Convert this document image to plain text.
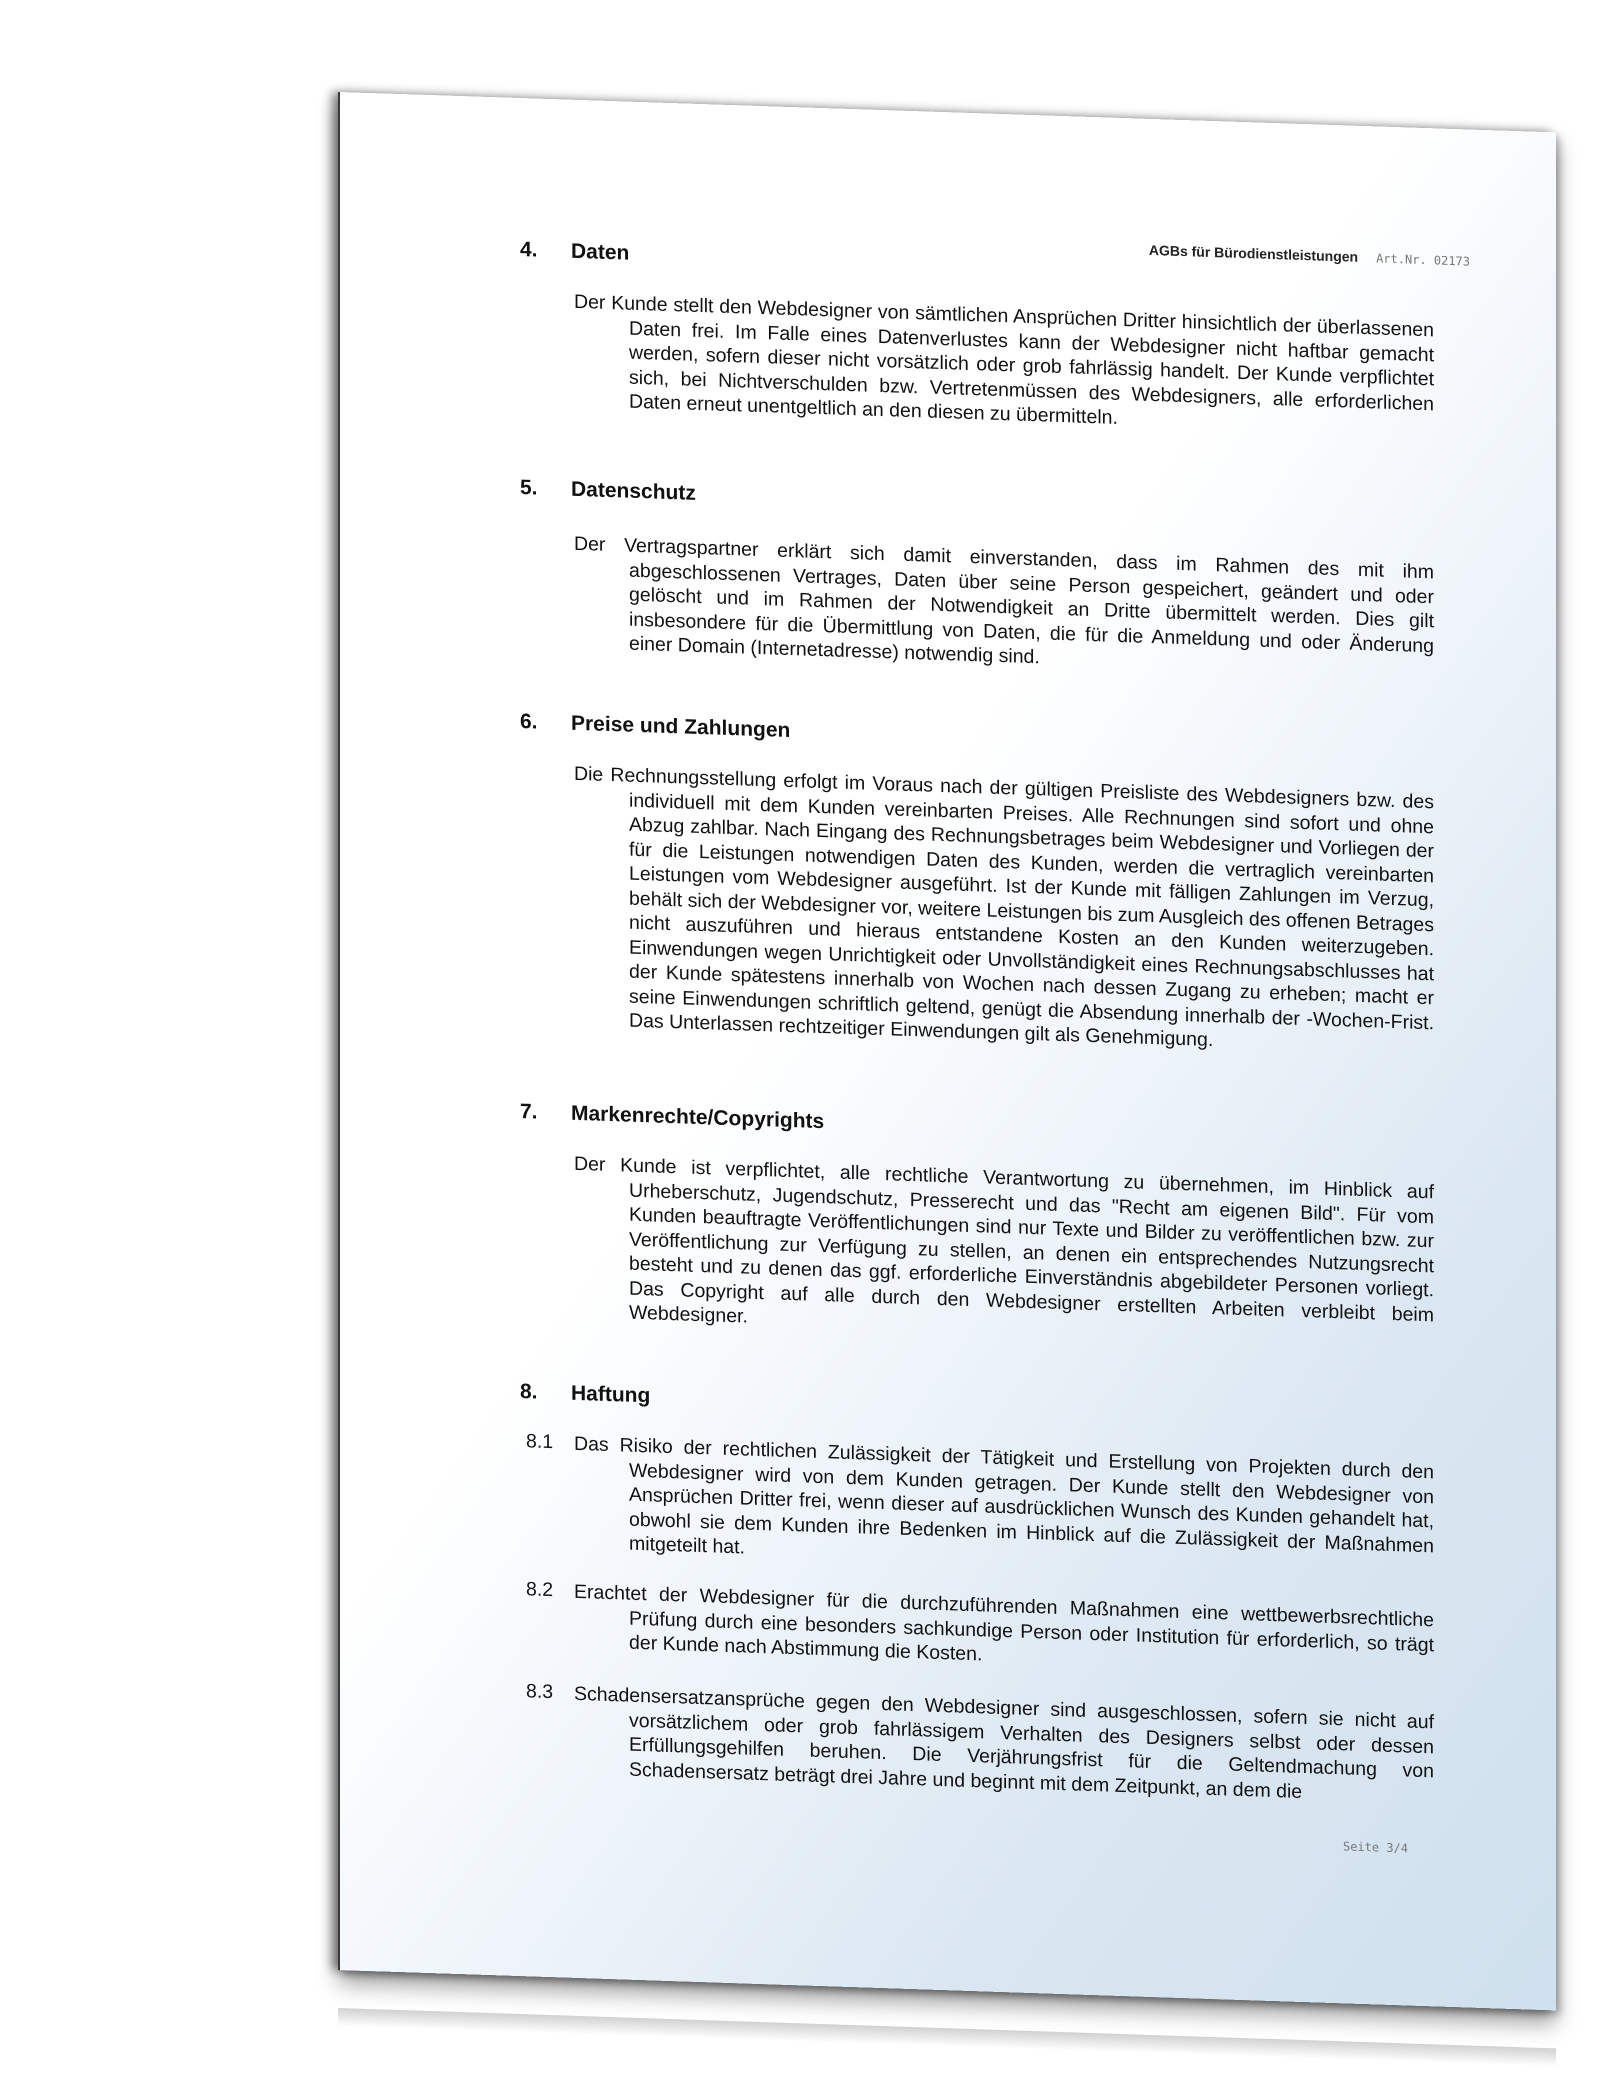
AGBs für Bürodienstleistungen Art.Nr. 02173
4. Daten
Der Kunde stellt den Webdesigner von sämtlichen Ansprüchen Dritter hinsichtlich der überlassenen Daten frei. Im Falle eines Datenverlustes kann der Webdesigner nicht haftbar gemacht werden, sofern dieser nicht vorsätzlich oder grob fahrlässig handelt. Der Kunde verpflichtet sich, bei Nichtverschulden bzw. Vertretenmüssen des Webdesigners, alle erforderlichen Daten erneut unentgeltlich an den diesen zu übermitteln.
5. Datenschutz
Der Vertragspartner erklärt sich damit einverstanden, dass im Rahmen des mit ihm abgeschlossenen Vertrages, Daten über seine Person gespeichert, geändert und oder gelöscht und im Rahmen der Notwendigkeit an Dritte übermittelt werden. Dies gilt insbesondere für die Übermittlung von Daten, die für die Anmeldung und oder Änderung einer Domain (Internetadresse) notwendig sind.
6. Preise und Zahlungen
Die Rechnungsstellung erfolgt im Voraus nach der gültigen Preisliste des Webdesigners bzw. des individuell mit dem Kunden vereinbarten Preises. Alle Rechnungen sind sofort und ohne Abzug zahlbar. Nach Eingang des Rechnungsbetrages beim Webdesigner und Vorliegen der für die Leistungen notwendigen Daten des Kunden, werden die vertraglich vereinbarten Leistungen vom Webdesigner ausgeführt. Ist der Kunde mit fälligen Zahlungen im Verzug, behält sich der Webdesigner vor, weitere Leistungen bis zum Ausgleich des offenen Betrages nicht auszuführen und hieraus entstandene Kosten an den Kunden weiterzugeben. Einwendungen wegen Unrichtigkeit oder Unvollständigkeit eines Rechnungsabschlusses hat der Kunde spätestens innerhalb von Wochen nach dessen Zugang zu erheben; macht er seine Einwendungen schriftlich geltend, genügt die Absendung innerhalb der -Wochen-Frist. Das Unterlassen rechtzeitiger Einwendungen gilt als Genehmigung.
7. Markenrechte/Copyrights
Der Kunde ist verpflichtet, alle rechtliche Verantwortung zu übernehmen, im Hinblick auf Urheberschutz, Jugendschutz, Presserecht und das "Recht am eigenen Bild". Für vom Kunden beauftragte Veröffentlichungen sind nur Texte und Bilder zu veröffentlichen bzw. zur Veröffentlichung zur Verfügung zu stellen, an denen ein entsprechendes Nutzungsrecht besteht und zu denen das ggf. erforderliche Einverständnis abgebildeter Personen vorliegt. Das Copyright auf alle durch den Webdesigner erstellten Arbeiten verbleibt beim Webdesigner.
8. Haftung
8.1 Das Risiko der rechtlichen Zulässigkeit der Tätigkeit und Erstellung von Projekten durch den Webdesigner wird von dem Kunden getragen. Der Kunde stellt den Webdesigner von Ansprüchen Dritter frei, wenn dieser auf ausdrücklichen Wunsch des Kunden gehandelt hat, obwohl sie dem Kunden ihre Bedenken im Hinblick auf die Zulässigkeit der Maßnahmen mitgeteilt hat.
8.2 Erachtet der Webdesigner für die durchzuführenden Maßnahmen eine wettbewerbsrechtliche Prüfung durch eine besonders sachkundige Person oder Institution für erforderlich, so trägt der Kunde nach Abstimmung die Kosten.
8.3 Schadensersatzansprüche gegen den Webdesigner sind ausgeschlossen, sofern sie nicht auf vorsätzlichem oder grob fahrlässigem Verhalten des Designers selbst oder dessen Erfüllungsgehilfen beruhen. Die Verjährungsfrist für die Geltendmachung von Schadensersatz beträgt drei Jahre und beginnt mit dem Zeitpunkt, an dem die
Seite 3/4
